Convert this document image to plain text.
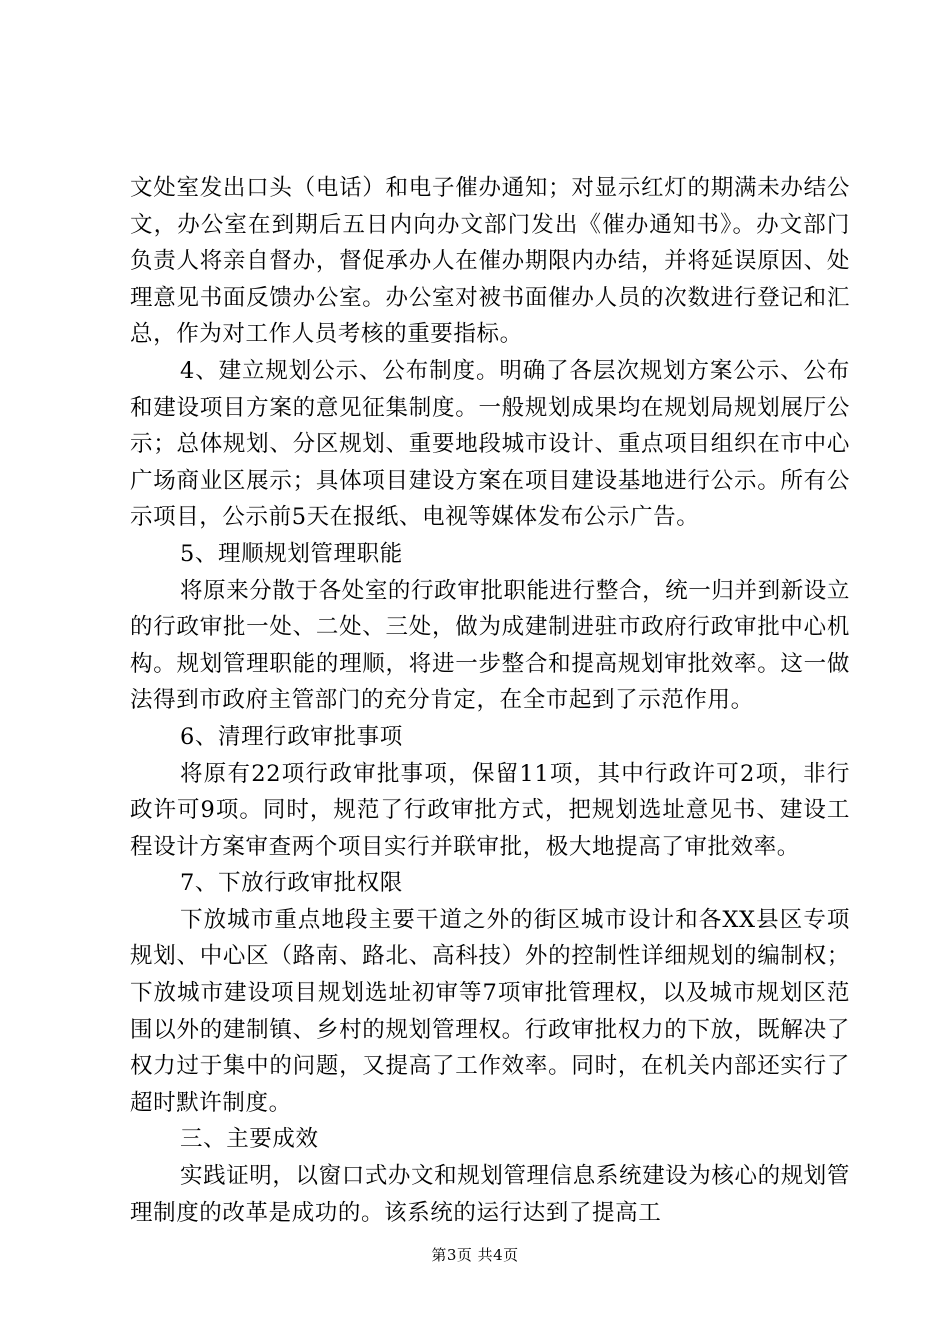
文处室发出口头（电话）和电子催办通知；对显示红灯的期满未办结公文，办公室在到期后五日内向办文部门发出《催办通知书》。办文部门负责人将亲自督办，督促承办人在催办期限内办结，并将延误原因、处理意见书面反馈办公室。办公室对被书面催办人员的次数进行登记和汇总，作为对工作人员考核的重要指标。

4、建立规划公示、公布制度。明确了各层次规划方案公示、公布和建设项目方案的意见征集制度。一般规划成果均在规划局规划展厅公示；总体规划、分区规划、重要地段城市设计、重点项目组织在市中心广场商业区展示；具体项目建设方案在项目建设基地进行公示。所有公示项目，公示前5天在报纸、电视等媒体发布公示广告。

5、理顺规划管理职能

将原来分散于各处室的行政审批职能进行整合，统一归并到新设立的行政审批一处、二处、三处，做为成建制进驻市政府行政审批中心机构。规划管理职能的理顺，将进一步整合和提高规划审批效率。这一做法得到市政府主管部门的充分肯定，在全市起到了示范作用。

6、清理行政审批事项

将原有22项行政审批事项，保留11项，其中行政许可2项，非行政许可9项。同时，规范了行政审批方式，把规划选址意见书、建设工程设计方案审查两个项目实行并联审批，极大地提高了审批效率。

7、下放行政审批权限

下放城市重点地段主要干道之外的街区城市设计和各XX县区专项规划、中心区（路南、路北、高科技）外的控制性详细规划的编制权；下放城市建设项目规划选址初审等7项审批管理权，以及城市规划区范围以外的建制镇、乡村的规划管理权。行政审批权力的下放，既解决了权力过于集中的问题，又提高了工作效率。同时，在机关内部还实行了超时默许制度。

三、主要成效

实践证明，以窗口式办文和规划管理信息系统建设为核心的规划管理制度的改革是成功的。该系统的运行达到了提高工

第3页 共4页
